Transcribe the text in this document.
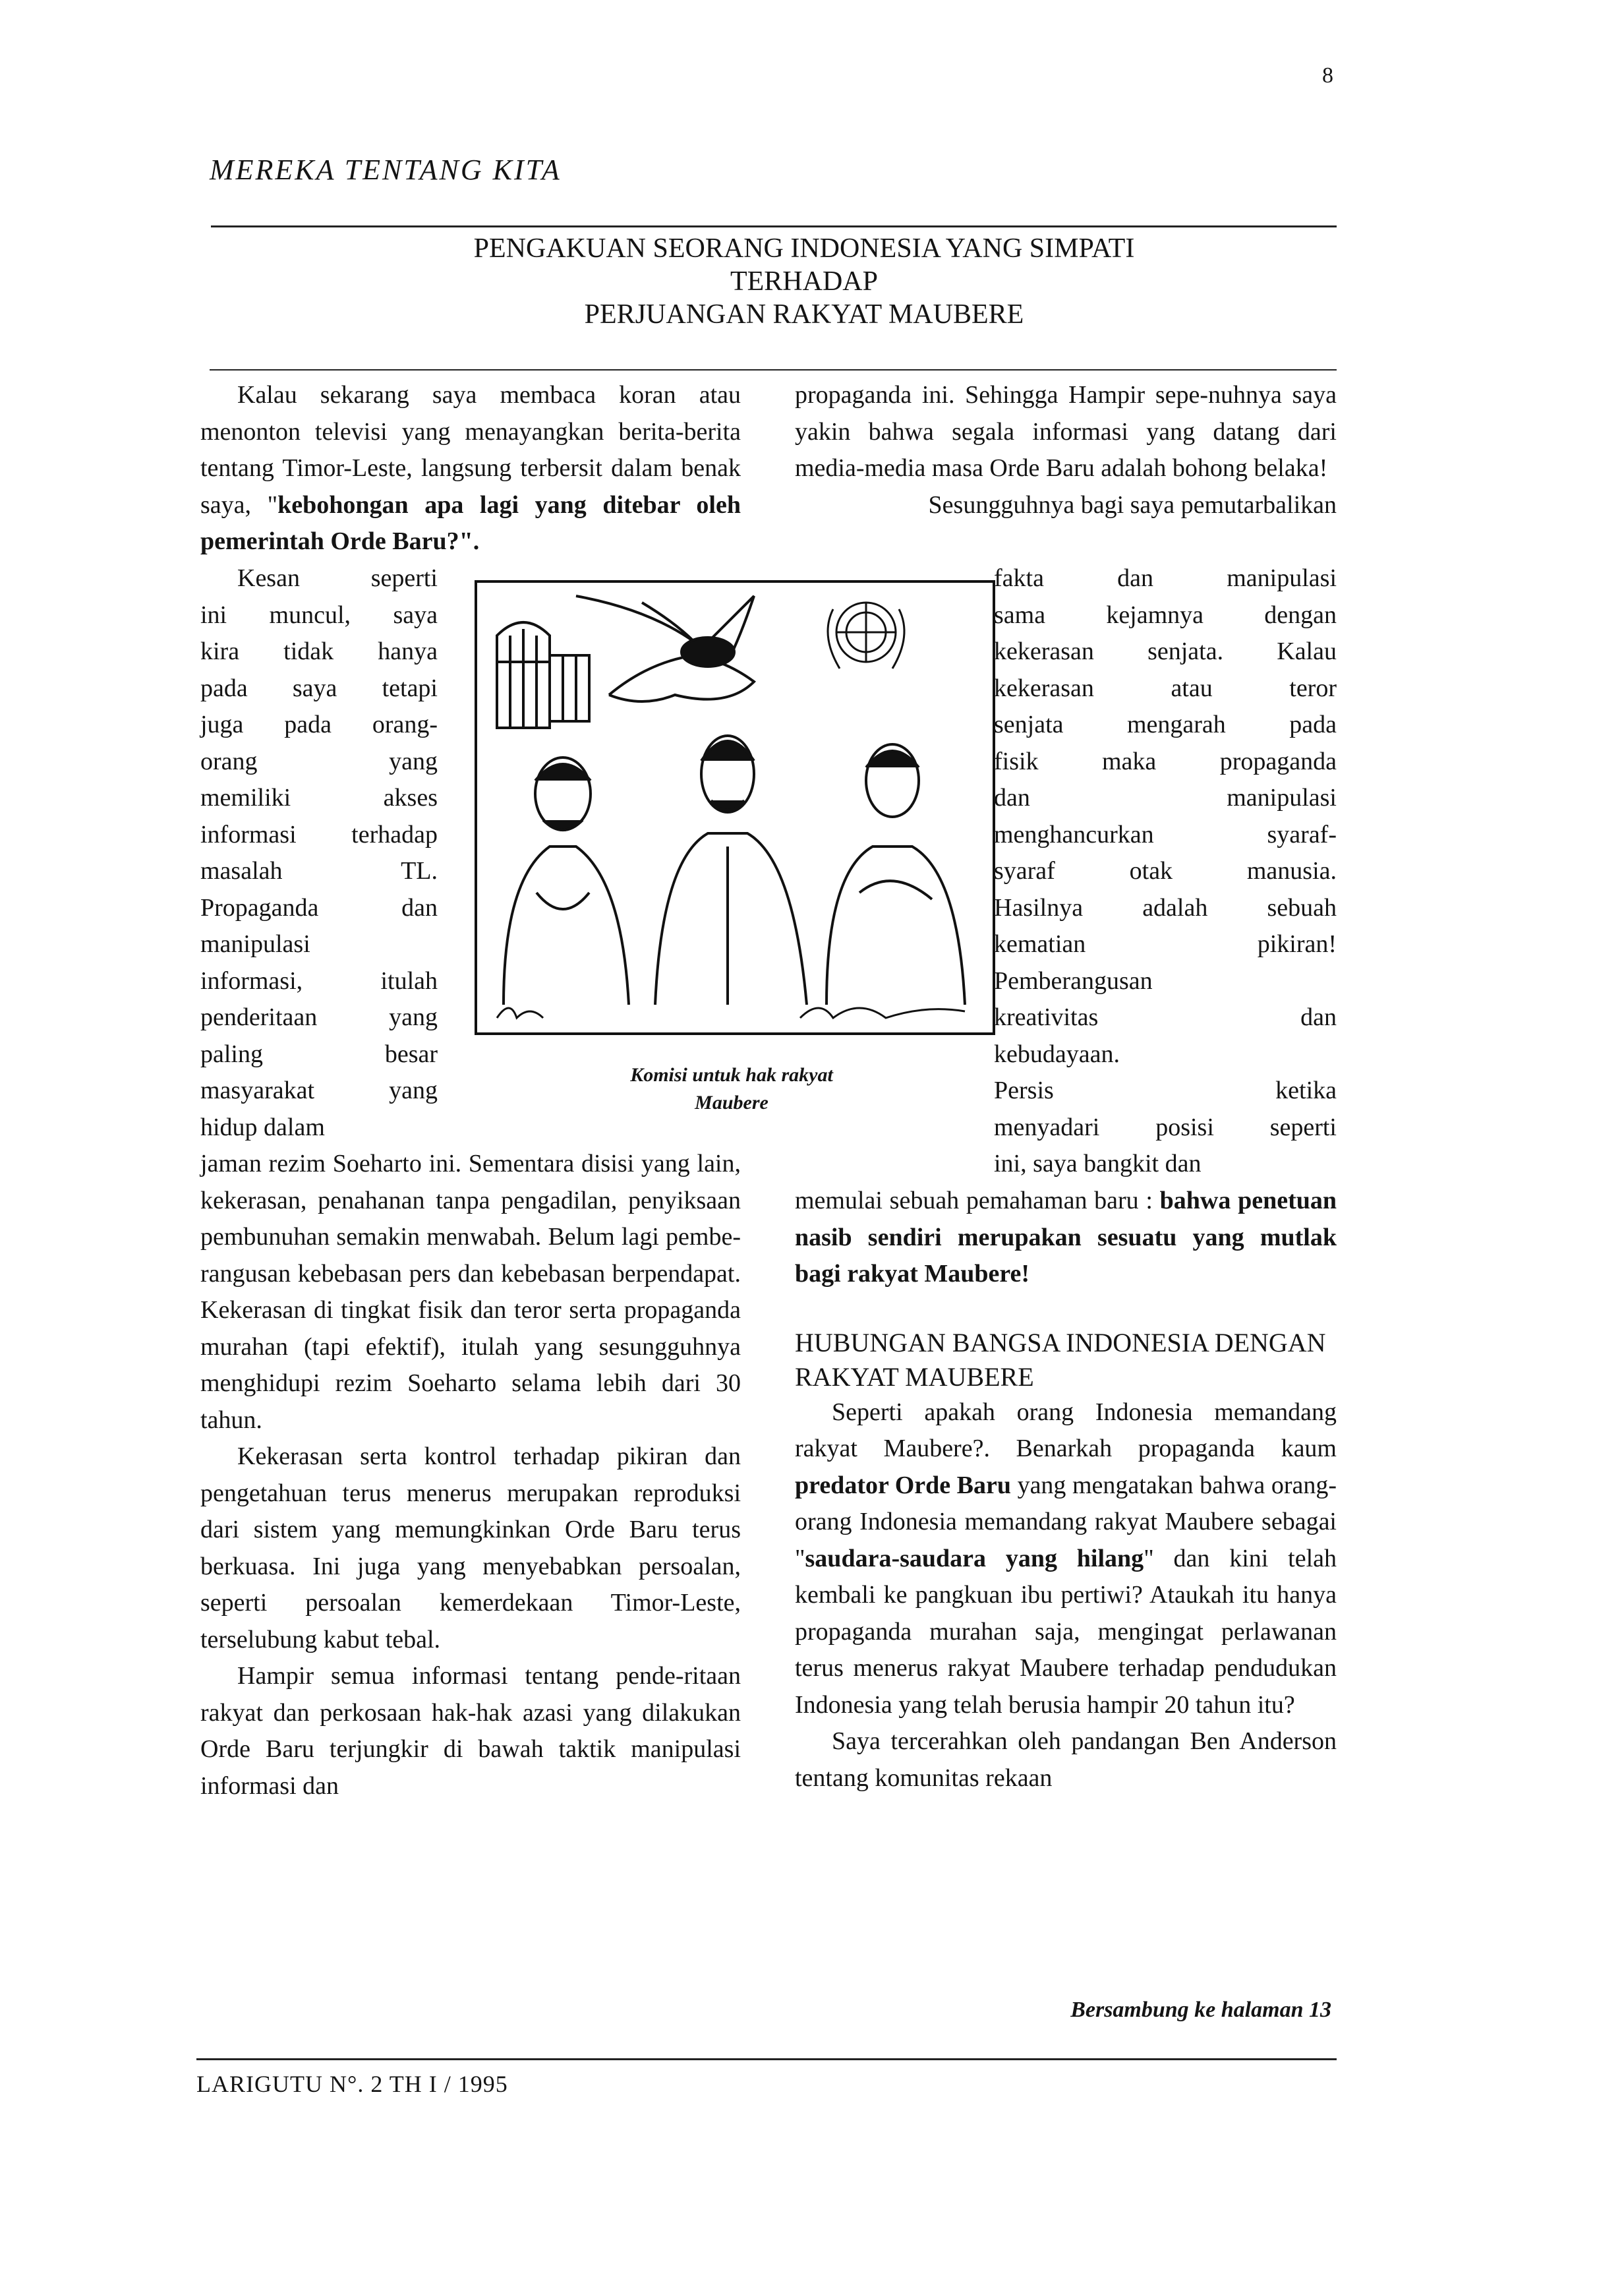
8
MEREKA TENTANG KITA
PENGAKUAN SEORANG INDONESIA YANG SIMPATI
TERHADAP
PERJUANGAN RAKYAT MAUBERE

Kalau sekarang saya membaca koran atau menonton televisi yang menayangkan berita-berita tentang Timor-Leste, langsung terbersit dalam benak saya, "kebohongan apa lagi yang ditebar oleh pemerintah Orde Baru?".

Kesan seperti
ini muncul, saya
kira tidak hanya
pada saya tetapi
juga pada orang-
orang yang
memiliki akses
informasi terhadap
masalah TL.
Propaganda dan
manipulasi
informasi, itulah
penderitaan yang
paling besar
masyarakat yang
hidup dalam

jaman rezim Soeharto ini. Sementara disisi yang lain, kekerasan, penahanan tanpa pengadilan, penyiksaan pembunuhan semakin menwabah. Belum lagi pembe-rangusan kebebasan pers dan kebebasan berpendapat. Kekerasan di tingkat fisik dan teror serta propaganda murahan (tapi efektif), itulah yang sesungguhnya menghidupi rezim Soeharto selama lebih dari 30 tahun.

Kekerasan serta kontrol terhadap pikiran dan pengetahuan terus menerus merupakan reproduksi dari sistem yang memungkinkan Orde Baru terus berkuasa. Ini juga yang menyebabkan persoalan, seperti persoalan kemerdekaan Timor-Leste, terselubung kabut tebal.

Hampir semua informasi tentang pende-ritaan rakyat dan perkosaan hak-hak azasi yang dilakukan Orde Baru terjungkir di bawah taktik manipulasi informasi dan

Komisi untuk hak rakyat
Maubere

propaganda ini. Sehingga Hampir sepe-nuhnya saya yakin bahwa segala informasi yang datang dari media-media masa Orde Baru adalah bohong belaka!

Sesungguhnya bagi saya pemutarbalikan

fakta dan manipulasi
sama kejamnya dengan
kekerasan senjata. Kalau
kekerasan atau teror
senjata mengarah pada
fisik maka propaganda
dan manipulasi
menghancurkan syaraf-
syaraf otak manusia.
Hasilnya adalah sebuah
kematian pikiran!
Pemberangusan
kreativitas dan
kebudayaan.
Persis ketika
menyadari posisi seperti
ini, saya bangkit dan

memulai sebuah pemahaman baru : bahwa penetuan nasib sendiri merupakan sesuatu yang mutlak bagi rakyat Maubere!

HUBUNGAN BANGSA INDONESIA DENGAN RAKYAT MAUBERE

Seperti apakah orang Indonesia memandang rakyat Maubere?. Benarkah propaganda kaum predator Orde Baru yang mengatakan bahwa orang-orang Indonesia memandang rakyat Maubere sebagai "saudara-saudara yang hilang" dan kini telah kembali ke pangkuan ibu pertiwi? Ataukah itu hanya propaganda murahan saja, mengingat perlawanan terus menerus rakyat Maubere terhadap pendudukan Indonesia yang telah berusia hampir 20 tahun itu?

Saya tercerahkan oleh pandangan Ben Anderson tentang komunitas rekaan

Bersambung ke halaman 13
LARIGUTU N°. 2 TH I / 1995
